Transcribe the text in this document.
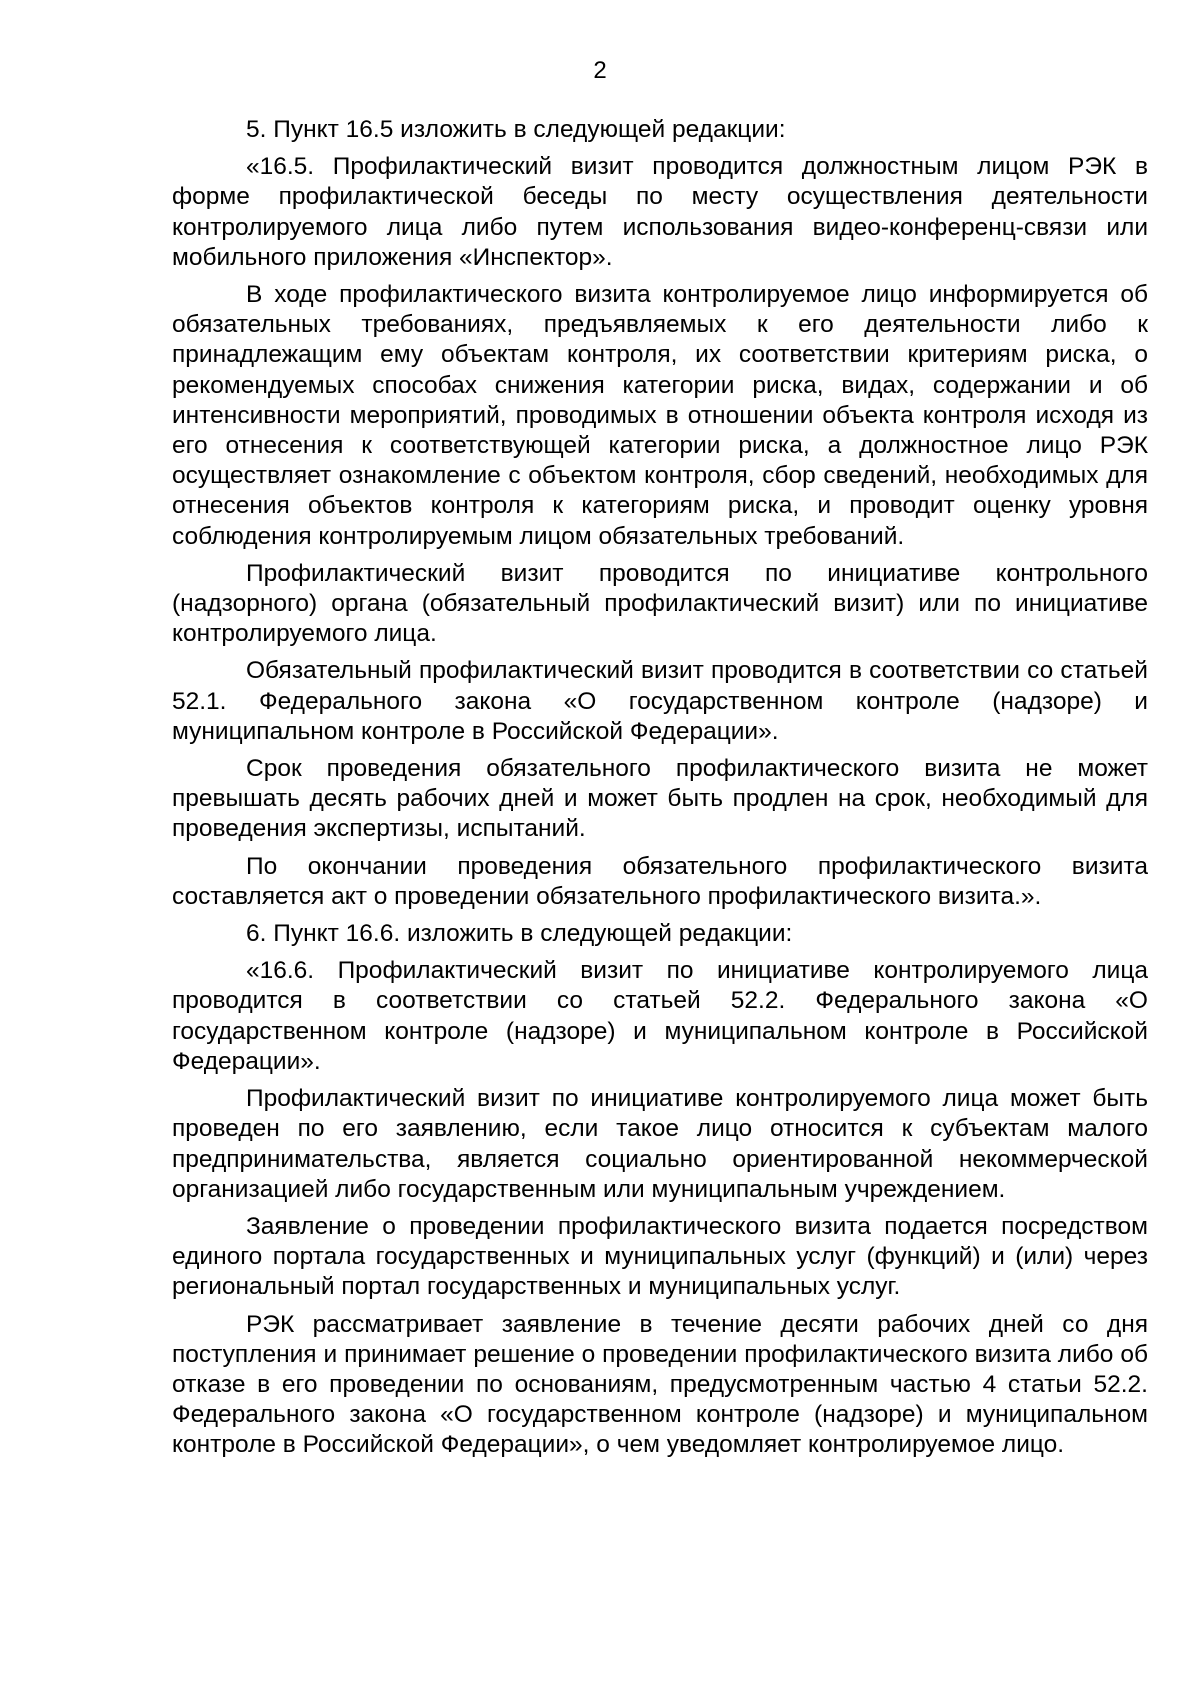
2

5. Пункт 16.5 изложить в следующей редакции:

«16.5. Профилактический визит проводится должностным лицом РЭК в форме профилактической беседы по месту осуществления деятельности контролируемого лица либо путем использования видео-конференц-связи или мобильного приложения «Инспектор».

В ходе профилактического визита контролируемое лицо информируется об обязательных требованиях, предъявляемых к его деятельности либо к принадлежащим ему объектам контроля, их соответствии критериям риска, о рекомендуемых способах снижения категории риска, видах, содержании и об интенсивности мероприятий, проводимых в отношении объекта контроля исходя из его отнесения к соответствующей категории риска, а должностное лицо РЭК осуществляет ознакомление с объектом контроля, сбор сведений, необходимых для отнесения объектов контроля к категориям риска, и проводит оценку уровня соблюдения контролируемым лицом обязательных требований.

Профилактический визит проводится по инициативе контрольного (надзорного) органа (обязательный профилактический визит) или по инициативе контролируемого лица.

Обязательный профилактический визит проводится в соответствии со статьей 52.1. Федерального закона «О государственном контроле (надзоре) и муниципальном контроле в Российской Федерации».

Срок проведения обязательного профилактического визита не может превышать десять рабочих дней и может быть продлен на срок, необходимый для проведения экспертизы, испытаний.

По окончании проведения обязательного профилактического визита составляется акт о проведении обязательного профилактического визита.».

6. Пункт 16.6. изложить в следующей редакции:

«16.6. Профилактический визит по инициативе контролируемого лица проводится в соответствии со статьей 52.2. Федерального закона «О государственном контроле (надзоре) и муниципальном контроле в Российской Федерации».

Профилактический визит по инициативе контролируемого лица может быть проведен по его заявлению, если такое лицо относится к субъектам малого предпринимательства, является социально ориентированной некоммерческой организацией либо государственным или муниципальным учреждением.

Заявление о проведении профилактического визита подается посредством единого портала государственных и муниципальных услуг (функций) и (или) через региональный портал государственных и муниципальных услуг.

РЭК рассматривает заявление в течение десяти рабочих дней со дня поступления и принимает решение о проведении профилактического визита либо об отказе в его проведении по основаниям, предусмотренным частью 4 статьи 52.2. Федерального закона «О государственном контроле (надзоре) и муниципальном контроле в Российской Федерации», о чем уведомляет контролируемое лицо.
